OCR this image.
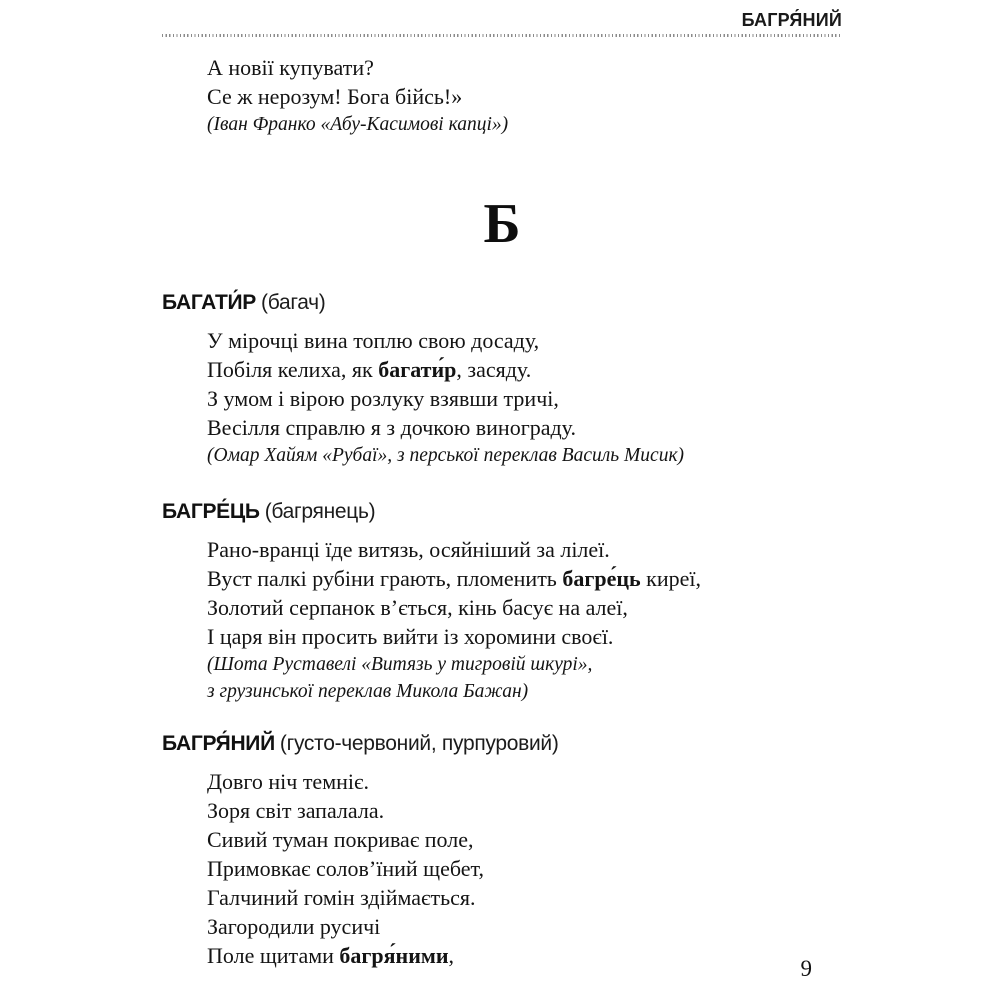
БАГРЯ́НИЙ

А новії купувати?

Се ж нерозум! Бога бійсь!»

(Іван Франко «Абу-Касимові капці»)

Б

БАГАТИ́Р (багач)

У мірочці вина топлю свою досаду,

Побіля келиха, як багати́р, засяду.

З умом і вірою розлуку взявши тричі,

Весілля справлю я з дочкою винограду.

(Омар Хайям «Рубаї», з перської переклав Василь Мисик)

БАГРЕ́ЦЬ (багрянець)

Рано-вранці їде витязь, осяйніший за лілеї.

Вуст палкі рубіни грають, пломенить багре́ць киреї,

Золотий серпанок в’ється, кінь басує на алеї,

І царя він просить вийти із хоромини своєї.

(Шота Руставелі «Витязь у тигровій шкурі»,

з грузинської переклав Микола Бажан)

БАГРЯ́НИЙ (густо-червоний, пурпуровий)

Довго ніч темніє.

Зоря світ запалала.

Сивий туман покриває поле,

Примовкає солов’їний щебет,

Галчиний гомін здіймається.

Загородили русичі

Поле щитами багря́ними,

9
